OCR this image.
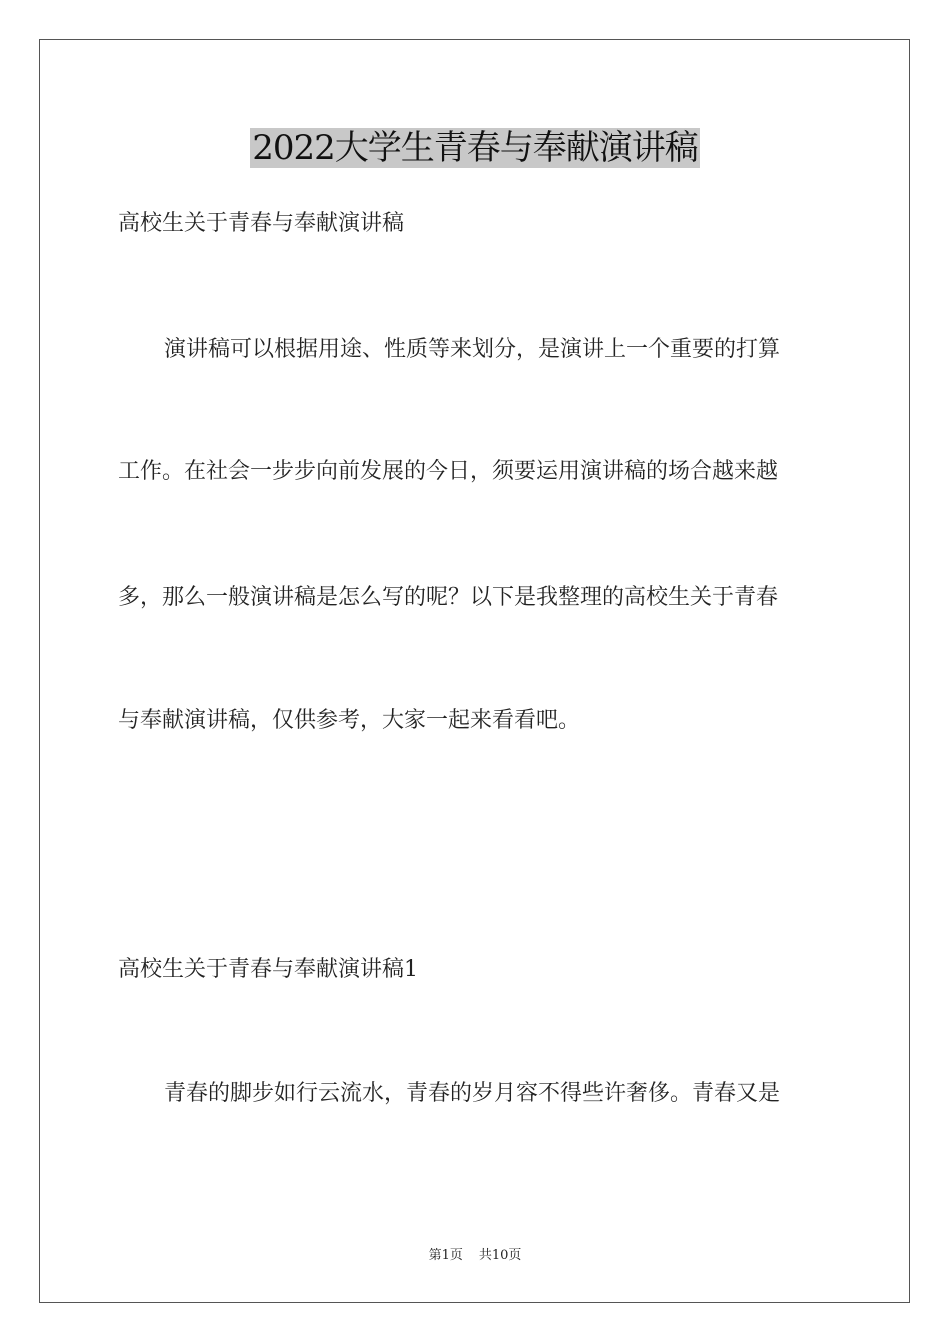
2022大学生青春与奉献演讲稿
高校生关于青春与奉献演讲稿
演讲稿可以根据用途、性质等来划分，是演讲上一个重要的打算
工作。在社会一步步向前发展的今日，须要运用演讲稿的场合越来越
多，那么一般演讲稿是怎么写的呢？以下是我整理的高校生关于青春
与奉献演讲稿，仅供参考，大家一起来看看吧。
高校生关于青春与奉献演讲稿1
青春的脚步如行云流水，青春的岁月容不得些许奢侈。青春又是
第1页 共10页
